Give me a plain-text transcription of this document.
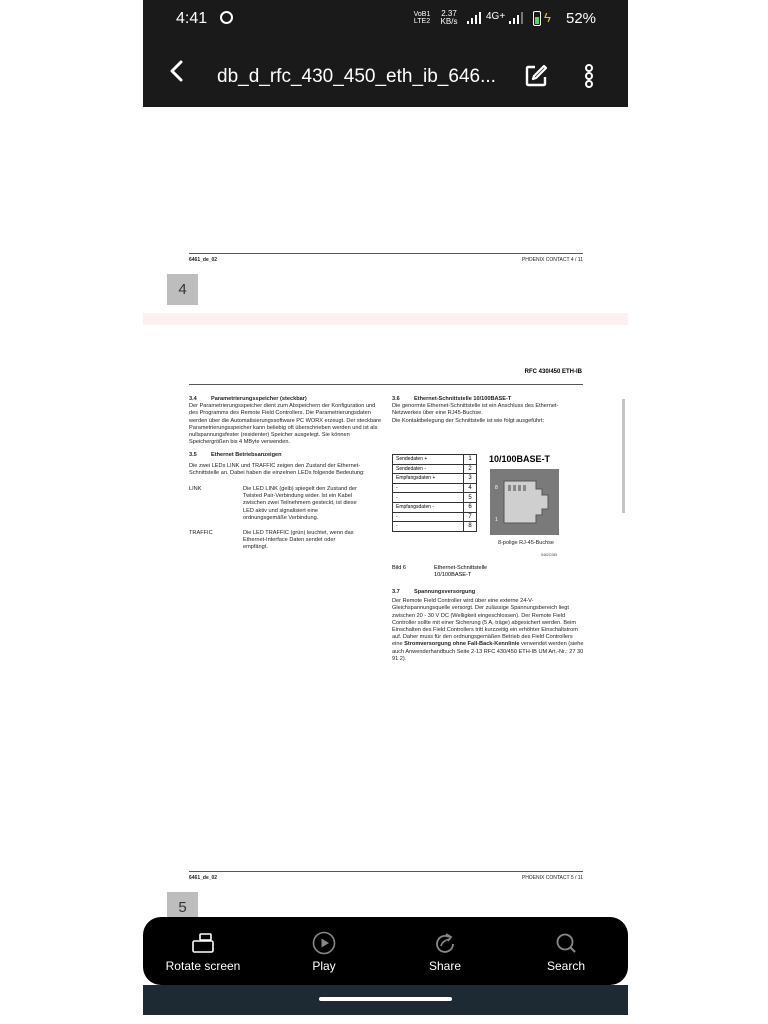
4:41	VoB1
LTE2
2.37
KB/s	4G+	ϟ 52%
db_d_rfc_430_450_eth_ib_646...
6461_de_02	PHOENIX CONTACT 4 / 11
4
RFC 430/450 ETH-IB
3.4	Parametrierungsspeicher (steckbar)
Der Parametrierungsspeicher dient zum Abspeichern der Konfiguration und des Programms des Remote Field Controllers. Die Parametrierungsdaten werden über die Automatisierungssoftware PC WORX erzeugt. Der steckbare Parametrierungsspeicher kann beliebig oft überschrieben werden und ist als nullspannungsfester (residenter) Speicher ausgelegt. Sie können Speichergrößen bis 4 MByte verwenden.
3.5	Ethernet Betriebsanzeigen
Die zwei LEDs LINK und TRAFFIC zeigen den Zustand der Ethernet-Schnittstelle an. Dabei haben die einzelnen LEDs folgende Bedeutung:
LINK	Die LED LINK (gelb) spiegelt den Zustand der Twisted Pair-Verbindung wider. Ist ein Kabel zwischen zwei Teilnehmern gesteckt, ist diese LED aktiv und signalisiert eine ordnungsgemäße Verbindung.
TRAFFIC	Die LED TRAFFIC (grün) leuchtet, wenn das Ethernet-Interface Daten sendet oder empfängt.
3.6	Ethernet-Schnittstelle 10/100BASE-T
Die genormte Ethernet-Schnittstelle ist ein Anschluss des Ethernet-Netzwerkes über eine RJ45-Buchse.
Die Kontaktbelegung der Schnittstelle ist wie folgt ausgeführt:
Sendedaten +	1
Sendedaten -	2
Empfangsdaten +	3
-	4
-	5
Empfangsdaten -	6
-	7
-	8
10/100BASE-T
8
1
8-polige RJ-45-Buchse
5462C065
Bild 6	Ethernet-Schnittstelle 10/100BASE-T
3.7	Spannungsversorgung
Der Remote Field Controller wird über eine externe 24-V-Gleichspannungsquelle versorgt. Der zulässige Spannungsbereich liegt zwischen 20 - 30 V DC (Welligkeit eingeschlossen). Der Remote Field Controller sollte mit einer Sicherung (5 A, träge) abgesichert werden. Beim Einschalten des Field Controllers tritt kurzzeitig ein erhöhter Einschaltstrom auf. Daher muss für den ordnungsgemäßen Betrieb des Field Controllers eine Stromversorgung ohne Fall-Back-Kennlinie verwendet werden (siehe auch Anwenderhandbuch Seite 2-13 RFC 430/450 ETH-IB UM Art.-Nr.: 27 30 91 2).
6461_de_02	PHOENIX CONTACT 5 / 11
5
Rotate screen	Play	Share	Search
